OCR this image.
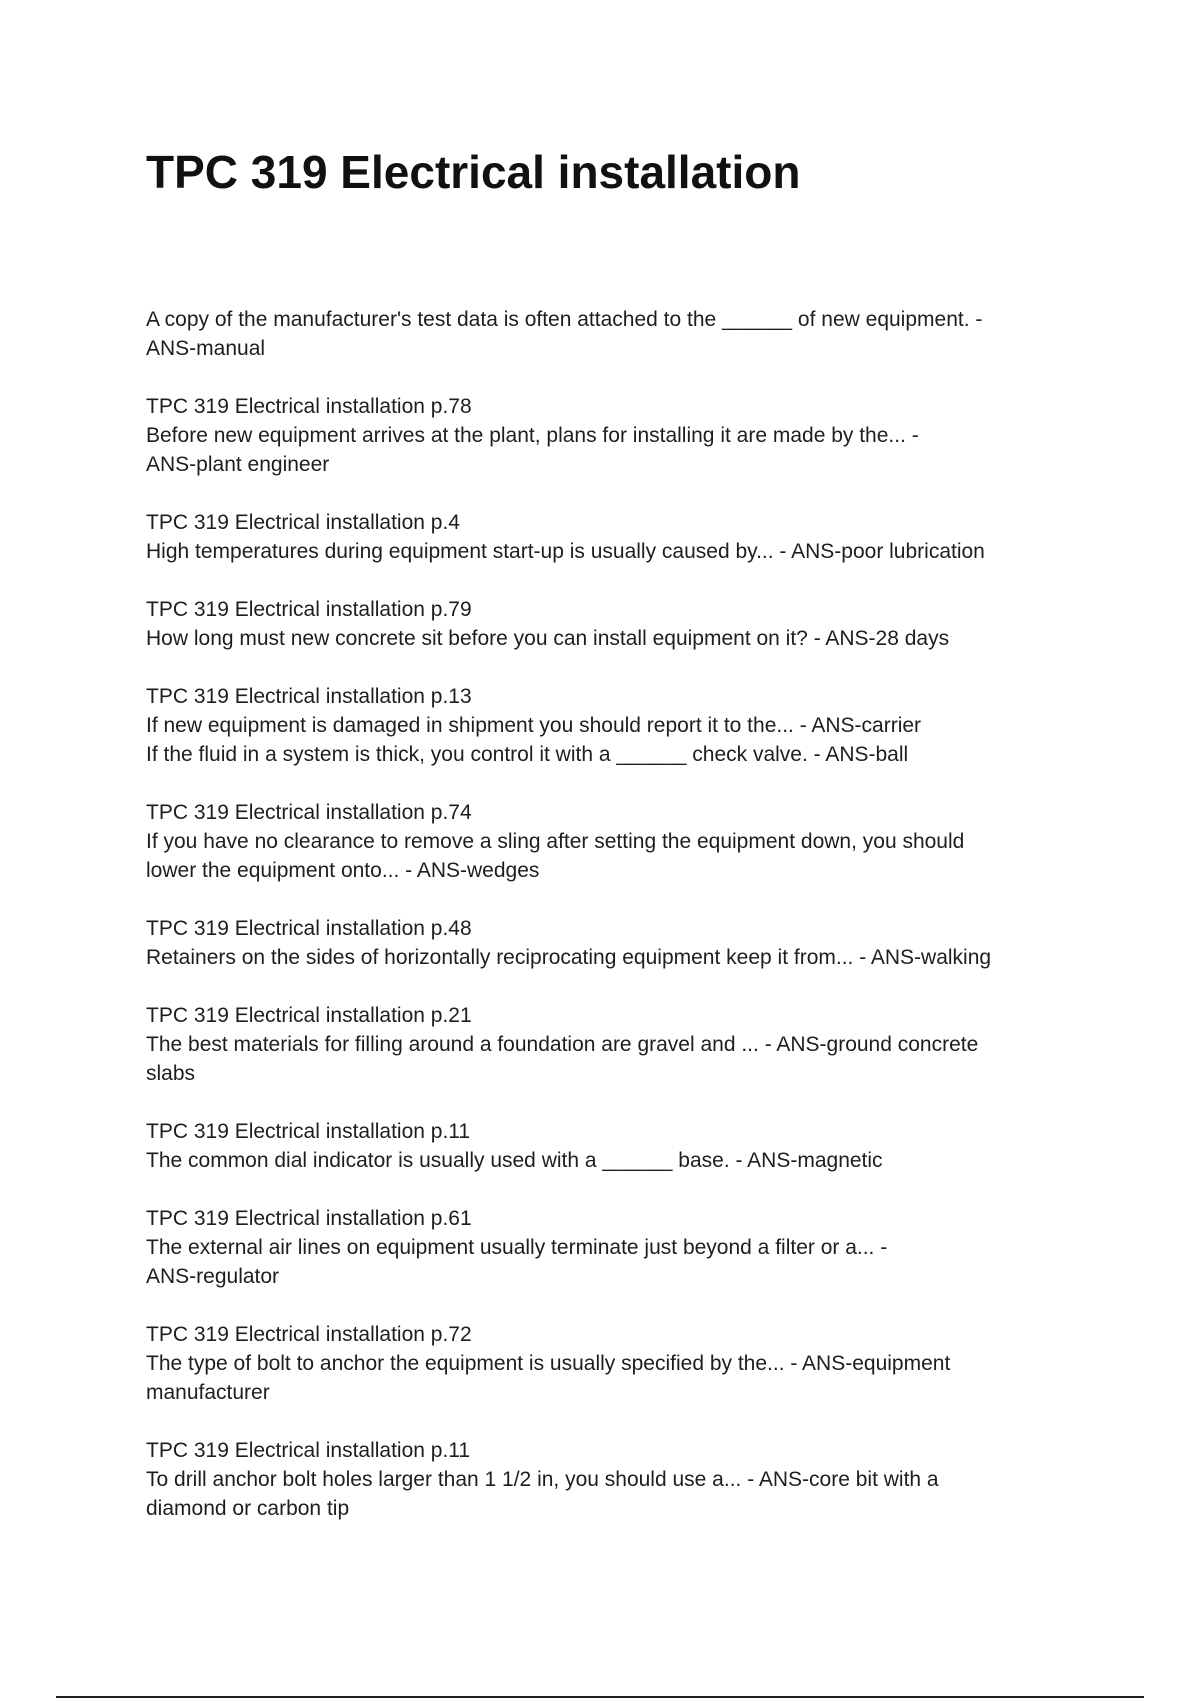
TPC 319 Electrical installation

A copy of the manufacturer's test data is often attached to the ______ of new equipment. -

ANS-manual

TPC 319 Electrical installation p.78

Before new equipment arrives at the plant, plans for installing it are made by the... -

ANS-plant engineer

TPC 319 Electrical installation p.4

High temperatures during equipment start-up is usually caused by... - ANS-poor lubrication

TPC 319 Electrical installation p.79

How long must new concrete sit before you can install equipment on it? - ANS-28 days

TPC 319 Electrical installation p.13

If new equipment is damaged in shipment you should report it to the... - ANS-carrier

If the fluid in a system is thick, you control it with a ______ check valve. - ANS-ball

TPC 319 Electrical installation p.74

If you have no clearance to remove a sling after setting the equipment down, you should

lower the equipment onto... - ANS-wedges

TPC 319 Electrical installation p.48

Retainers on the sides of horizontally reciprocating equipment keep it from... - ANS-walking

TPC 319 Electrical installation p.21

The best materials for filling around a foundation are gravel and ... - ANS-ground concrete

slabs

TPC 319 Electrical installation p.11

The common dial indicator is usually used with a ______ base. - ANS-magnetic

TPC 319 Electrical installation p.61

The external air lines on equipment usually terminate just beyond a filter or a... -

ANS-regulator

TPC 319 Electrical installation p.72

The type of bolt to anchor the equipment is usually specified by the... - ANS-equipment

manufacturer

TPC 319 Electrical installation p.11

To drill anchor bolt holes larger than 1 1/2 in, you should use a... - ANS-core bit with a

diamond or carbon tip
